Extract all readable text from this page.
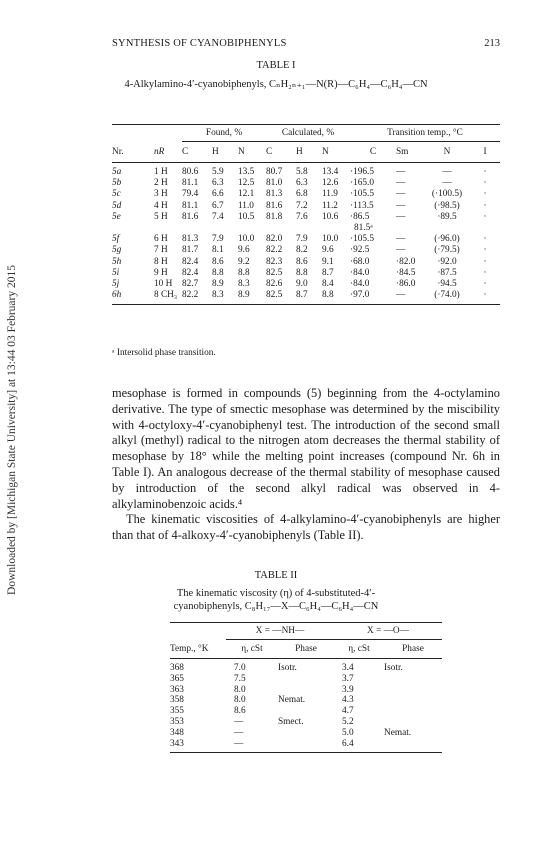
Downloaded by [Michigan State University] at 13:44 03 February 2015
SYNTHESIS OF CYANOBIPHENYLS	213
TABLE I
4-Alkylamino-4′-cyanobiphenyls, CₙH₂ₙ₊₁—N(R)—C₆H₄—C₆H₄—CN
		Found, %			Calculated, %			Transition temp., °C			
Nr.	nR	C	H	N	C	H	N	C	Sm	N	I
5a	1 H	80.6	5.9	13.5	80.7	5.8	13.4	·196.5	—	—	·
5b	2 H	81.1	6.3	12.5	81.0	6.3	12.6	·165.0	—	—	·
5c	3 H	79.4	6.6	12.1	81.3	6.8	11.9	·105.5	—	(·100.5)	·
5d	4 H	81.1	6.7	11.0	81.6	7.2	11.2	·113.5	—	(·98.5)	·
5e	5 H	81.6	7.4	10.5	81.8	7.6	10.6	·86.5	—	·89.5	·
								81.5ᵃ			
5f	6 H	81.3	7.9	10.0	82.0	7.9	10.0	·105.5	—	(·96.0)	·
5g	7 H	81.7	8.1	9.6	82.2	8.2	9.6	·92.5	—	(·79.5)	·
5h	8 H	82.4	8.6	9.2	82.3	8.6	9.1	·68.0	·82.0	·92.0	·
5i	9 H	82.4	8.8	8.8	82.5	8.8	8.7	·84.0	·84.5	·87.5	·
5j	10 H	82.7	8.9	8.3	82.6	9.0	8.4	·84.0	·86.0	·94.5	·
6h	8 CH₃	82.2	8.3	8.9	82.5	8.7	8.8	·97.0	—	(·74.0)	·
ᵃ Intersolid phase transition.

mesophase is formed in compounds (5) beginning from the 4-octylamino derivative. The type of smectic mesophase was determined by the miscibility with 4-octyloxy-4′-cyanobiphenyl test. The introduction of the second small alkyl (methyl) radical to the nitrogen atom decreases the thermal stability of mesophase by 18° while the melting point increases (compound Nr. 6h in Table I). An analogous decrease of the thermal stability of mesophase caused by introduction of the second alkyl radical was observed in 4-alkylaminobenzoic acids.⁴

The kinematic viscosities of 4-alkylamino-4′-cyanobiphenyls are higher than that of 4-alkoxy-4′-cyanobiphenyls (Table II).

TABLE II
The kinematic viscosity (η) of 4-substituted-4′-
cyanobiphenyls, C₈H₁₇—X—C₆H₄—C₆H₄—CN
	X = —NH—		X = —O—	
Temp., °K	η, cSt	Phase	η, cSt	Phase
368	7.0	Isotr.	3.4	Isotr.
365	7.5		3.7	
363	8.0		3.9	
358	8.0	Nemat.	4.3	
355	8.6		4.7	
353	—	Smect.	5.2	
348	—		5.0	Nemat.
343	—		6.4	
